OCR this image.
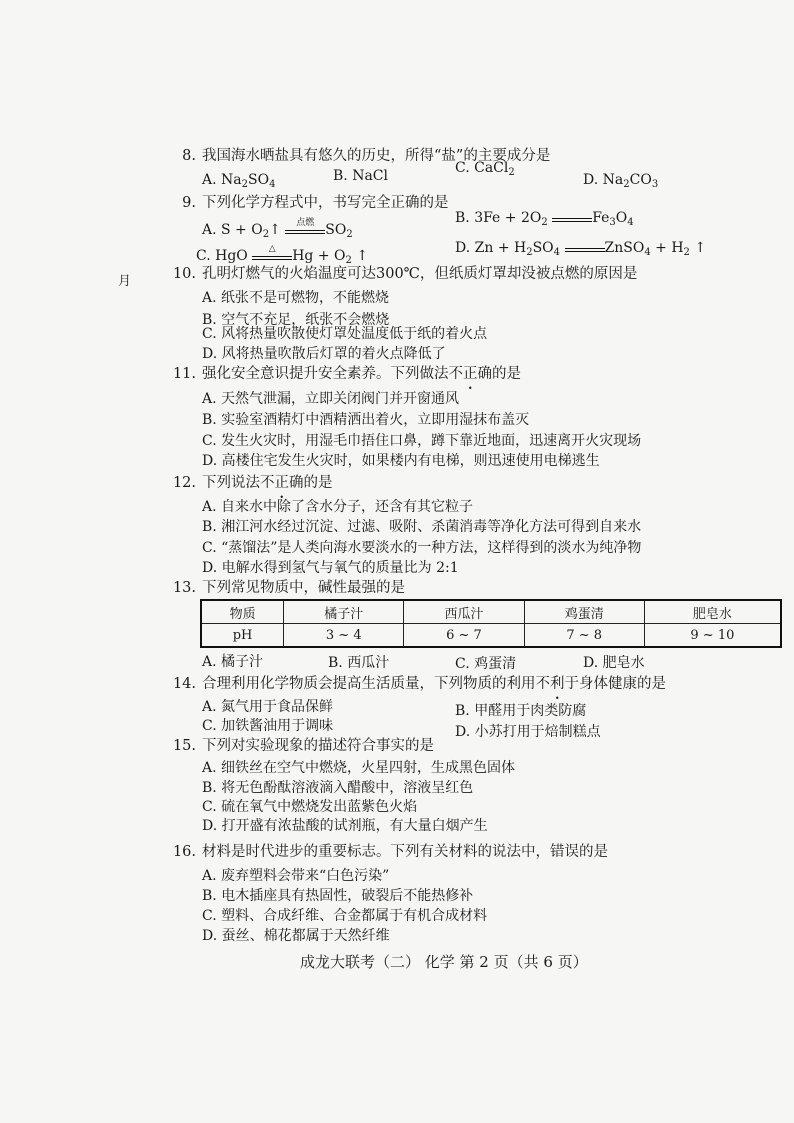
月
8. 我国海水晒盐具有悠久的历史，所得“盐”的主要成分是
A. $Na_2SO_4$
B. NaCl	C. CaCl$_2$	D. $Na_2CO_3$
9. 下列化学方程式中，书写完全正确的是
A. $S + O_2↑$	点燃 $SO_2$
B. $3Fe + 2O_2$	$Fe_3O_4$
C. HgO	△	$Hg + O_2$ ↑	D. $Zn + H_2SO_4$	ZnSO$_4$ + $H_2$ ↑
10. 孔明灯燃气的火焰温度可达300℃，但纸质灯罩却没被点燃的原因是
A. 纸张不是可燃物，不能燃烧
B. 空气不充足，纸张不会燃烧
C. 风将热量吹散使灯罩处温度低于纸的着火点
D. 风将热量吹散后灯罩的着火点降低了
11. 强化安全意识提升安全素养。下列做法不正确的是
A. 天然气泄漏，立即关闭阀门并开窗通风
B. 实验室酒精灯中酒精洒出着火，立即用湿抹布盖灭
C. 发生火灾时，用湿毛巾捂住口鼻，蹲下靠近地面，迅速离开火灾现场
D. 高楼住宅发生火灾时，如果楼内有电梯，则迅速使用电梯逃生
12. 下列说法不正确的是
A. 自来水中除了含水分子，还含有其它粒子
B. 湘江河水经过沉淀、过滤、吸附、杀菌消毒等净化方法可得到自来水
C. “蒸馏法”是人类向海水要淡水的一种方法，这样得到的淡水为纯净物
D. 电解水得到氢气与氧气的质量比为 2:1
13. 下列常见物质中，碱性最强的是
物质	橘子汁	西瓜汁	鸡蛋清	肥皂水
pH	3 ~ 4	6 ~ 7	7 ~ 8	9 ~ 10
A. 橘子汁	B. 西瓜汁	C. 鸡蛋清	D. 肥皂水
14. 合理利用化学物质会提高生活质量，下列物质的利用不利于身体健康的是
A. 氮气用于食品保鲜	B. 甲醛用于肉类防腐
C. 加铁酱油用于调味	D. 小苏打用于焙制糕点
15. 下列对实验现象的描述符合事实的是
A. 细铁丝在空气中燃烧，火星四射，生成黑色固体
B. 将无色酚酞溶液滴入醋酸中，溶液呈红色
C. 硫在氧气中燃烧发出蓝紫色火焰
D. 打开盛有浓盐酸的试剂瓶，有大量白烟产生
16. 材料是时代进步的重要标志。下列有关材料的说法中，错误的是
A. 废弃塑料会带来“白色污染”
B. 电木插座具有热固性，破裂后不能热修补
C. 塑料、合成纤维、合金都属于有机合成材料
D. 蚕丝、棉花都属于天然纤维
成龙大联考（二） 化学 第 2 页（共 6 页）
